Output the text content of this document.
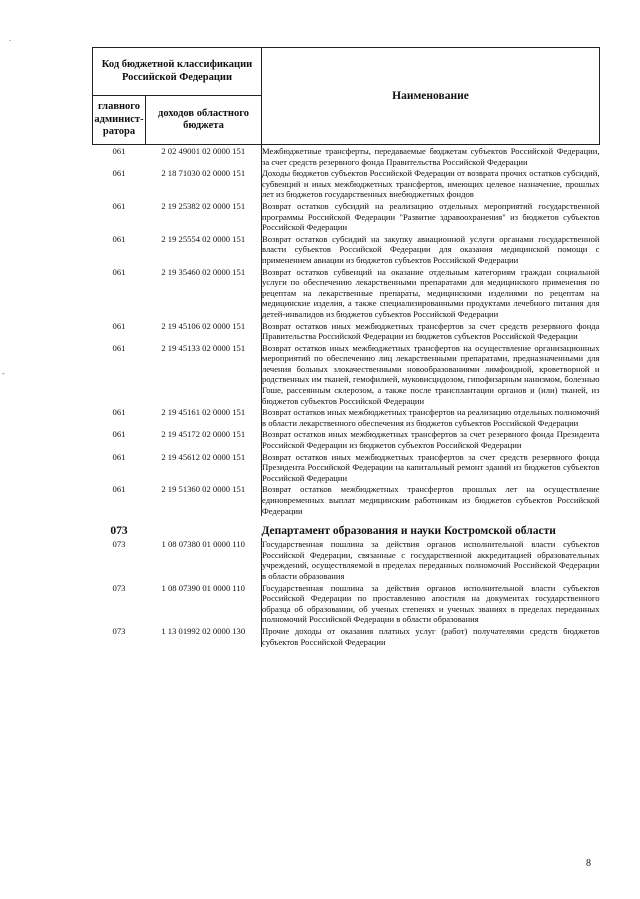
.
-
Код бюджетной классификации Российской Федерации		Наименование
главного админист-ратора	доходов областного бюджета	
061	2 02 49001 02 0000 151	Межбюджетные трансферты, передаваемые бюджетам субъектов Российской Федерации, за счет средств резервного фонда Правительства Российской Федерации
061	2 18 71030 02 0000 151	Доходы бюджетов субъектов Российской Федерации от возврата прочих остатков субсидий, субвенций и иных межбюджетных трансфертов, имеющих целевое назначение, прошлых лет из бюджетов государственных внебюджетных фондов
061	2 19 25382 02 0000 151	Возврат остатков субсидий на реализацию отдельных мероприятий государственной программы Российской Федерации "Развитие здравоохранения" из бюджетов субъектов Российской Федерации
061	2 19 25554 02 0000 151	Возврат остатков субсидий на закупку авиационной услуги органами государственной власти субъектов Российской Федерации для оказания медицинской помощи с применением авиации из бюджетов субъектов Российской Федерации
061	2 19 35460 02 0000 151	Возврат остатков субвенций на оказание отдельным категориям граждан социальной услуги по обеспечению лекарственными препаратами для медицинского применения по рецептам на лекарственные препараты, медицинскими изделиями по рецептам на медицинские изделия, а также специализированными продуктами лечебного питания для детей-инвалидов из бюджетов субъектов Российской Федерации
061	2 19 45106 02 0000 151	Возврат остатков иных межбюджетных трансфертов за счет средств резервного фонда Правительства Российской Федерации из бюджетов субъектов Российской Федерации
061	2 19 45133 02 0000 151	Возврат остатков иных межбюджетных трансфертов на осуществление организационных мероприятий по обеспечению лиц лекарственными препаратами, предназначенными для лечения больных злокачественными новообразованиями лимфоидной, кроветворной и родственных им тканей, гемофилией, муковисцидозом, гипофизарным нанизмом, болезнью Гоше, рассеянным склерозом, а также после трансплантации органов и (или) тканей, из бюджетов субъектов Российской Федерации
061	2 19 45161 02 0000 151	Возврат остатков иных межбюджетных трансфертов на реализацию отдельных полномочий в области лекарственного обеспечения из бюджетов субъектов Российской Федерации
061	2 19 45172 02 0000 151	Возврат остатков иных межбюджетных трансфертов за счет резервного фонда Президента Российской Федерации из бюджетов субъектов Российской Федерации
061	2 19 45612 02 0000 151	Возврат остатков иных межбюджетных трансфертов за счет средств резервного фонда Президента Российской Федерации на капитальный ремонт зданий из бюджетов субъектов Российской Федерации
061	2 19 51360 02 0000 151	Возврат остатков межбюджетных трансфертов прошлых лет на осуществление единовременных выплат медицинским работникам из бюджетов субъектов Российской Федерации
073		Департамент образования и науки Костромской области
073	1 08 07380 01 0000 110	Государственная пошлина за действия органов исполнительной власти субъектов Российской Федерации, связанные с государственной аккредитацией образовательных учреждений, осуществляемой в пределах переданных полномочий Российской Федерации в области образования
073	1 08 07390 01 0000 110	Государственная пошлина за действия органов исполнительной власти субъектов Российской Федерации по проставлению апостиля на документах государственного образца об образовании, об ученых степенях и ученых званиях в пределах переданных полномочий Российской Федерации в области образования
073	1 13 01992 02 0000 130	Прочие доходы от оказания платных услуг (работ) получателями средств бюджетов субъектов Российской Федерации
8
